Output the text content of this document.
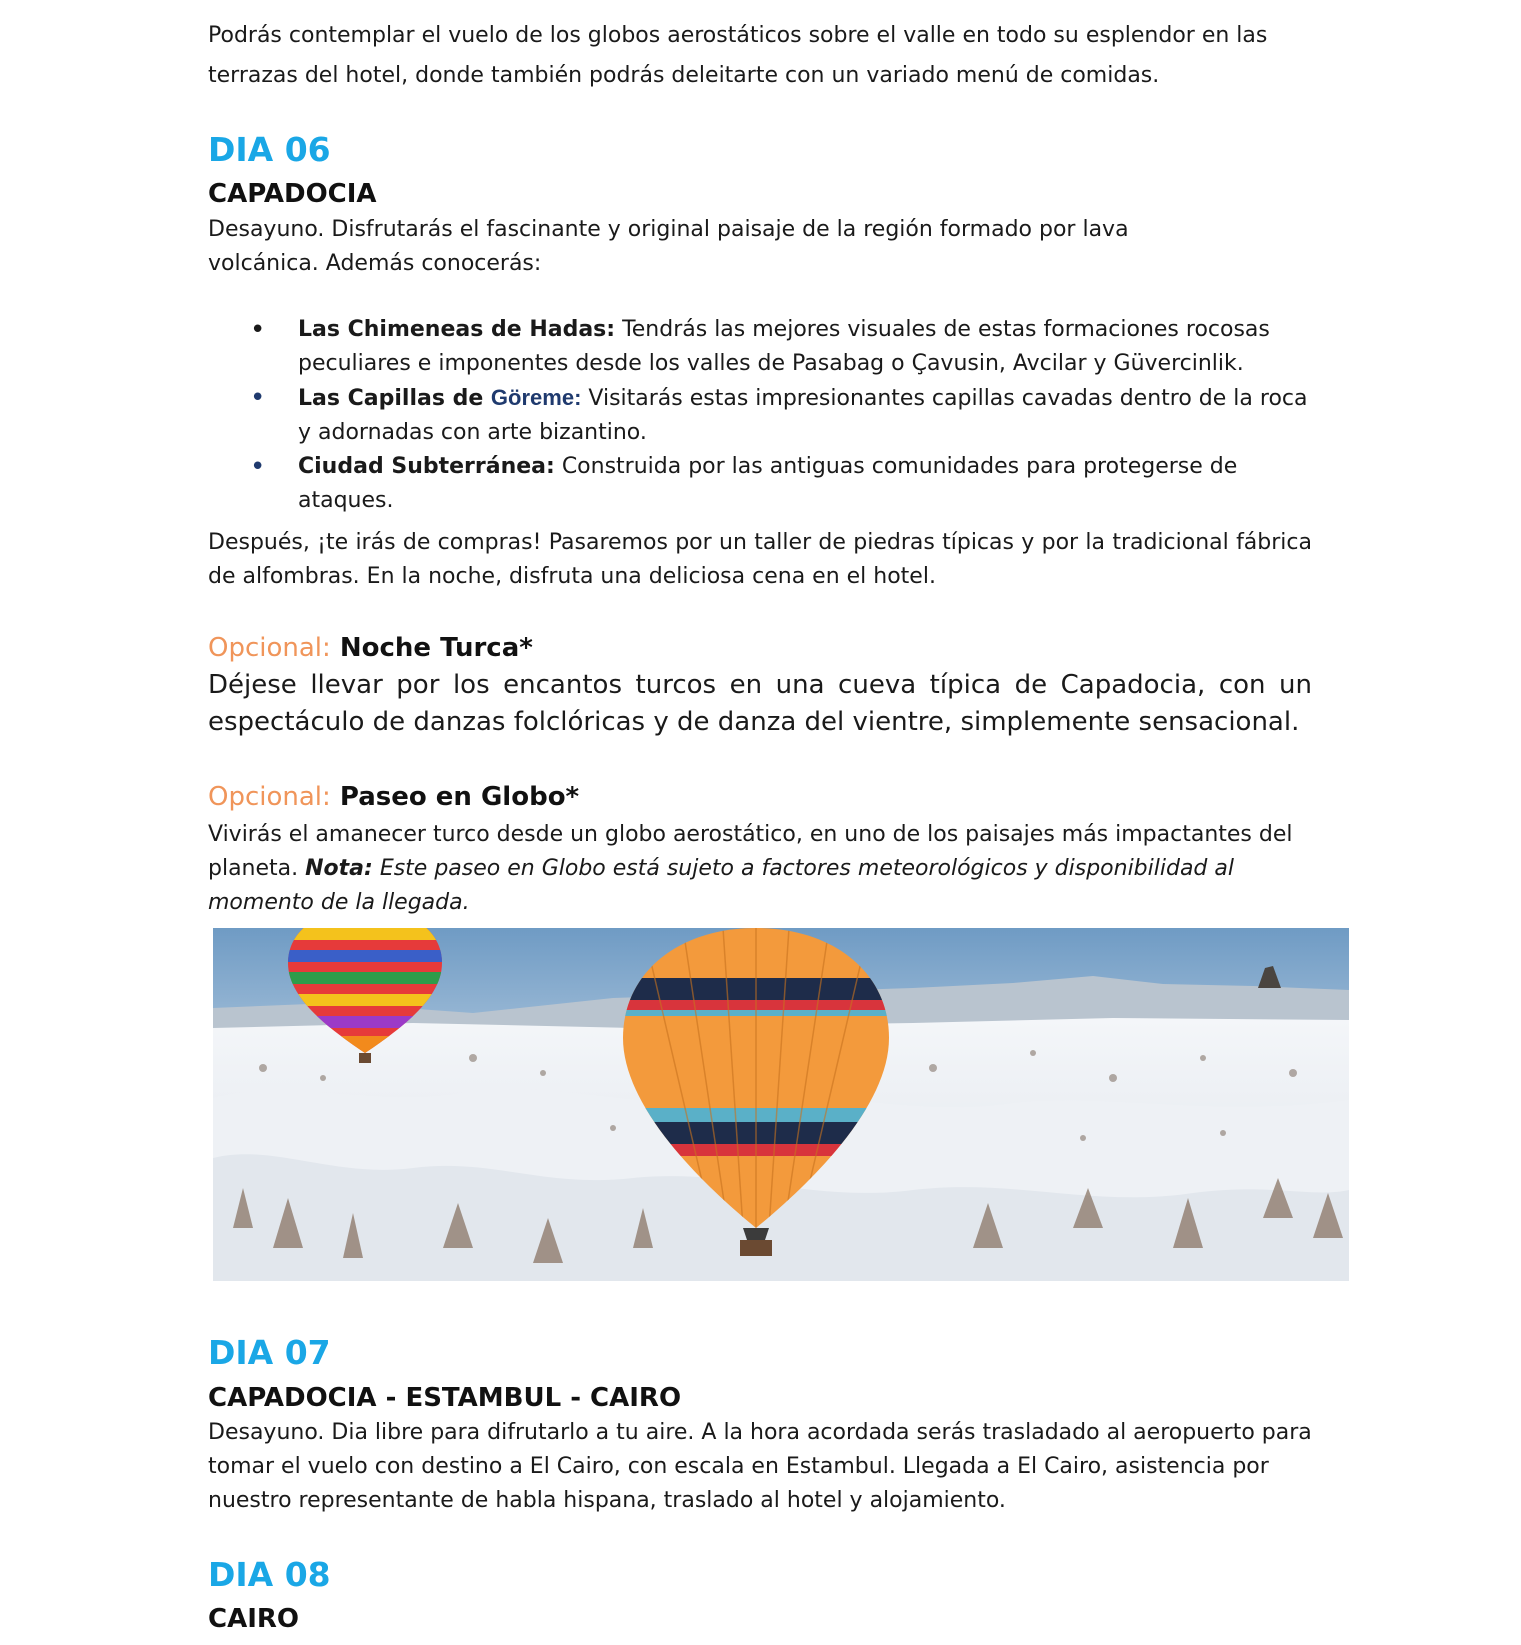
Podrás contemplar el vuelo de los globos aerostáticos sobre el valle en todo su esplendor en las terrazas del hotel, donde también podrás deleitarte con un variado menú de comidas.

DIA 06
CAPADOCIA

Desayuno. Disfrutarás el fascinante y original paisaje de la región formado por lava volcánica. Además conocerás:

• Las Chimeneas de Hadas: Tendrás las mejores visuales de estas formaciones rocosas peculiares e imponentes desde los valles de Pasabag o Çavusin, Avcilar y Güvercinlik.
• Las Capillas de Göreme: Visitarás estas impresionantes capillas cavadas dentro de la roca y adornadas con arte bizantino.
• Ciudad Subterránea: Construida por las antiguas comunidades para protegerse de ataques.

Después, ¡te irás de compras! Pasaremos por un taller de piedras típicas y por la tradicional fábrica de alfombras. En la noche, disfruta una deliciosa cena en el hotel.

Opcional: Noche Turca*

Déjese llevar por los encantos turcos en una cueva típica de Capadocia, con un espectáculo de danzas folclóricas y de danza del vientre, simplemente sensacional.

Opcional: Paseo en Globo*

Vivirás el amanecer turco desde un globo aerostático, en uno de los paisajes más impactantes del planeta. Nota: Este paseo en Globo está sujeto a factores meteorológicos y disponibilidad al momento de la llegada.

DIA 07
CAPADOCIA - ESTAMBUL - CAIRO

Desayuno. Dia libre para difrutarlo a tu aire. A la hora acordada serás trasladado al aeropuerto para tomar el vuelo con destino a El Cairo, con escala en Estambul. Llegada a El Cairo, asistencia por nuestro representante de habla hispana, traslado al hotel y alojamiento.

DIA 08
CAIRO
